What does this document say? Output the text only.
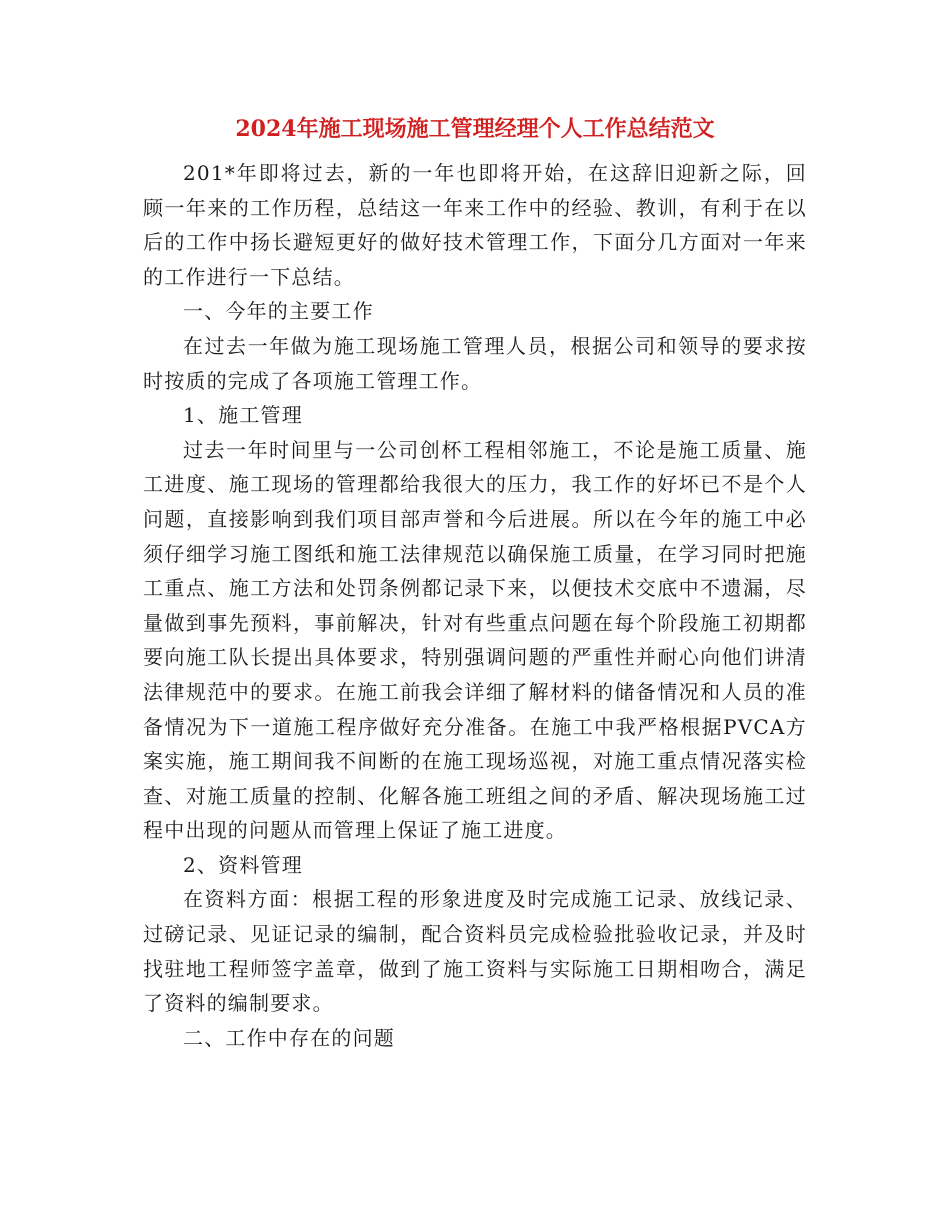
2024年施工现场施工管理经理个人工作总结范文

201*年即将过去，新的一年也即将开始，在这辞旧迎新之际，回顾一年来的工作历程，总结这一年来工作中的经验、教训，有利于在以后的工作中扬长避短更好的做好技术管理工作，下面分几方面对一年来的工作进行一下总结。

一、今年的主要工作

在过去一年做为施工现场施工管理人员，根据公司和领导的要求按时按质的完成了各项施工管理工作。

1、施工管理

过去一年时间里与一公司创杯工程相邻施工，不论是施工质量、施工进度、施工现场的管理都给我很大的压力，我工作的好坏已不是个人问题，直接影响到我们项目部声誉和今后进展。所以在今年的施工中必须仔细学习施工图纸和施工法律规范以确保施工质量，在学习同时把施工重点、施工方法和处罚条例都记录下来，以便技术交底中不遗漏，尽量做到事先预料，事前解决，针对有些重点问题在每个阶段施工初期都要向施工队长提出具体要求，特别强调问题的严重性并耐心向他们讲清法律规范中的要求。在施工前我会详细了解材料的储备情况和人员的准备情况为下一道施工程序做好充分准备。在施工中我严格根据PVCA方案实施，施工期间我不间断的在施工现场巡视，对施工重点情况落实检查、对施工质量的控制、化解各施工班组之间的矛盾、解决现场施工过程中出现的问题从而管理上保证了施工进度。

2、资料管理

在资料方面：根据工程的形象进度及时完成施工记录、放线记录、过磅记录、见证记录的编制，配合资料员完成检验批验收记录，并及时找驻地工程师签字盖章，做到了施工资料与实际施工日期相吻合，满足了资料的编制要求。

二、工作中存在的问题
